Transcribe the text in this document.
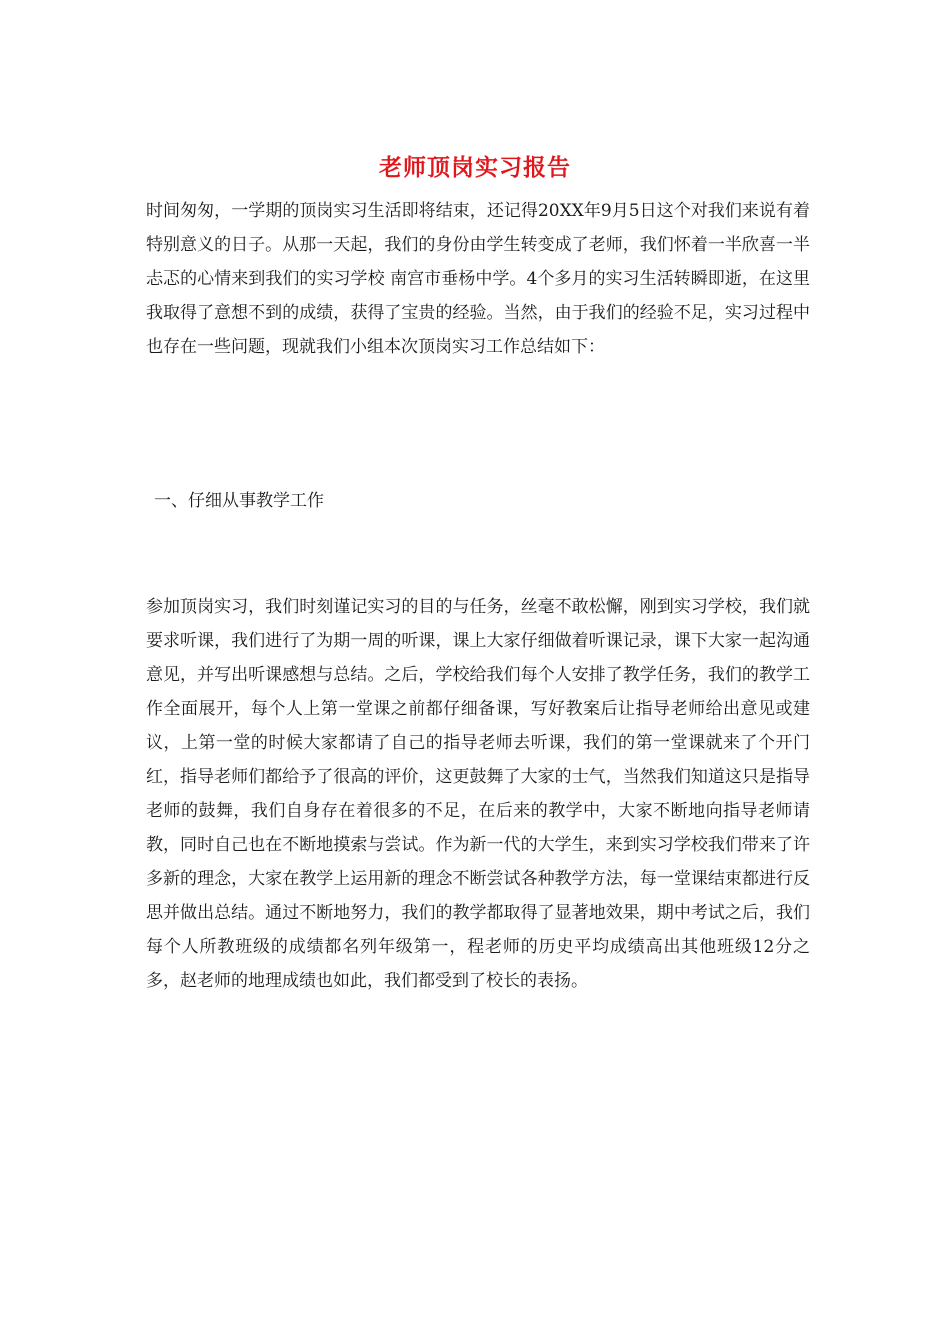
老师顶岗实习报告

时间匆匆，一学期的顶岗实习生活即将结束，还记得20XX年9月5日这个对我们来说有着特别意义的日子。从那一天起，我们的身份由学生转变成了老师，我们怀着一半欣喜一半忐忑的心情来到我们的实习学校 南宫市垂杨中学。4个多月的实习生活转瞬即逝，在这里我取得了意想不到的成绩，获得了宝贵的经验。当然，由于我们的经验不足，实习过程中也存在一些问题，现就我们小组本次顶岗实习工作总结如下：

一、仔细从事教学工作

参加顶岗实习，我们时刻谨记实习的目的与任务，丝毫不敢松懈，刚到实习学校，我们就要求听课，我们进行了为期一周的听课，课上大家仔细做着听课记录，课下大家一起沟通意见，并写出听课感想与总结。之后，学校给我们每个人安排了教学任务，我们的教学工作全面展开，每个人上第一堂课之前都仔细备课，写好教案后让指导老师给出意见或建议，上第一堂的时候大家都请了自己的指导老师去听课，我们的第一堂课就来了个开门红，指导老师们都给予了很高的评价，这更鼓舞了大家的士气，当然我们知道这只是指导老师的鼓舞，我们自身存在着很多的不足，在后来的教学中，大家不断地向指导老师请教，同时自己也在不断地摸索与尝试。作为新一代的大学生，来到实习学校我们带来了许多新的理念，大家在教学上运用新的理念不断尝试各种教学方法，每一堂课结束都进行反思并做出总结。通过不断地努力，我们的教学都取得了显著地效果，期中考试之后，我们每个人所教班级的成绩都名列年级第一，程老师的历史平均成绩高出其他班级12分之多，赵老师的地理成绩也如此，我们都受到了校长的表扬。
